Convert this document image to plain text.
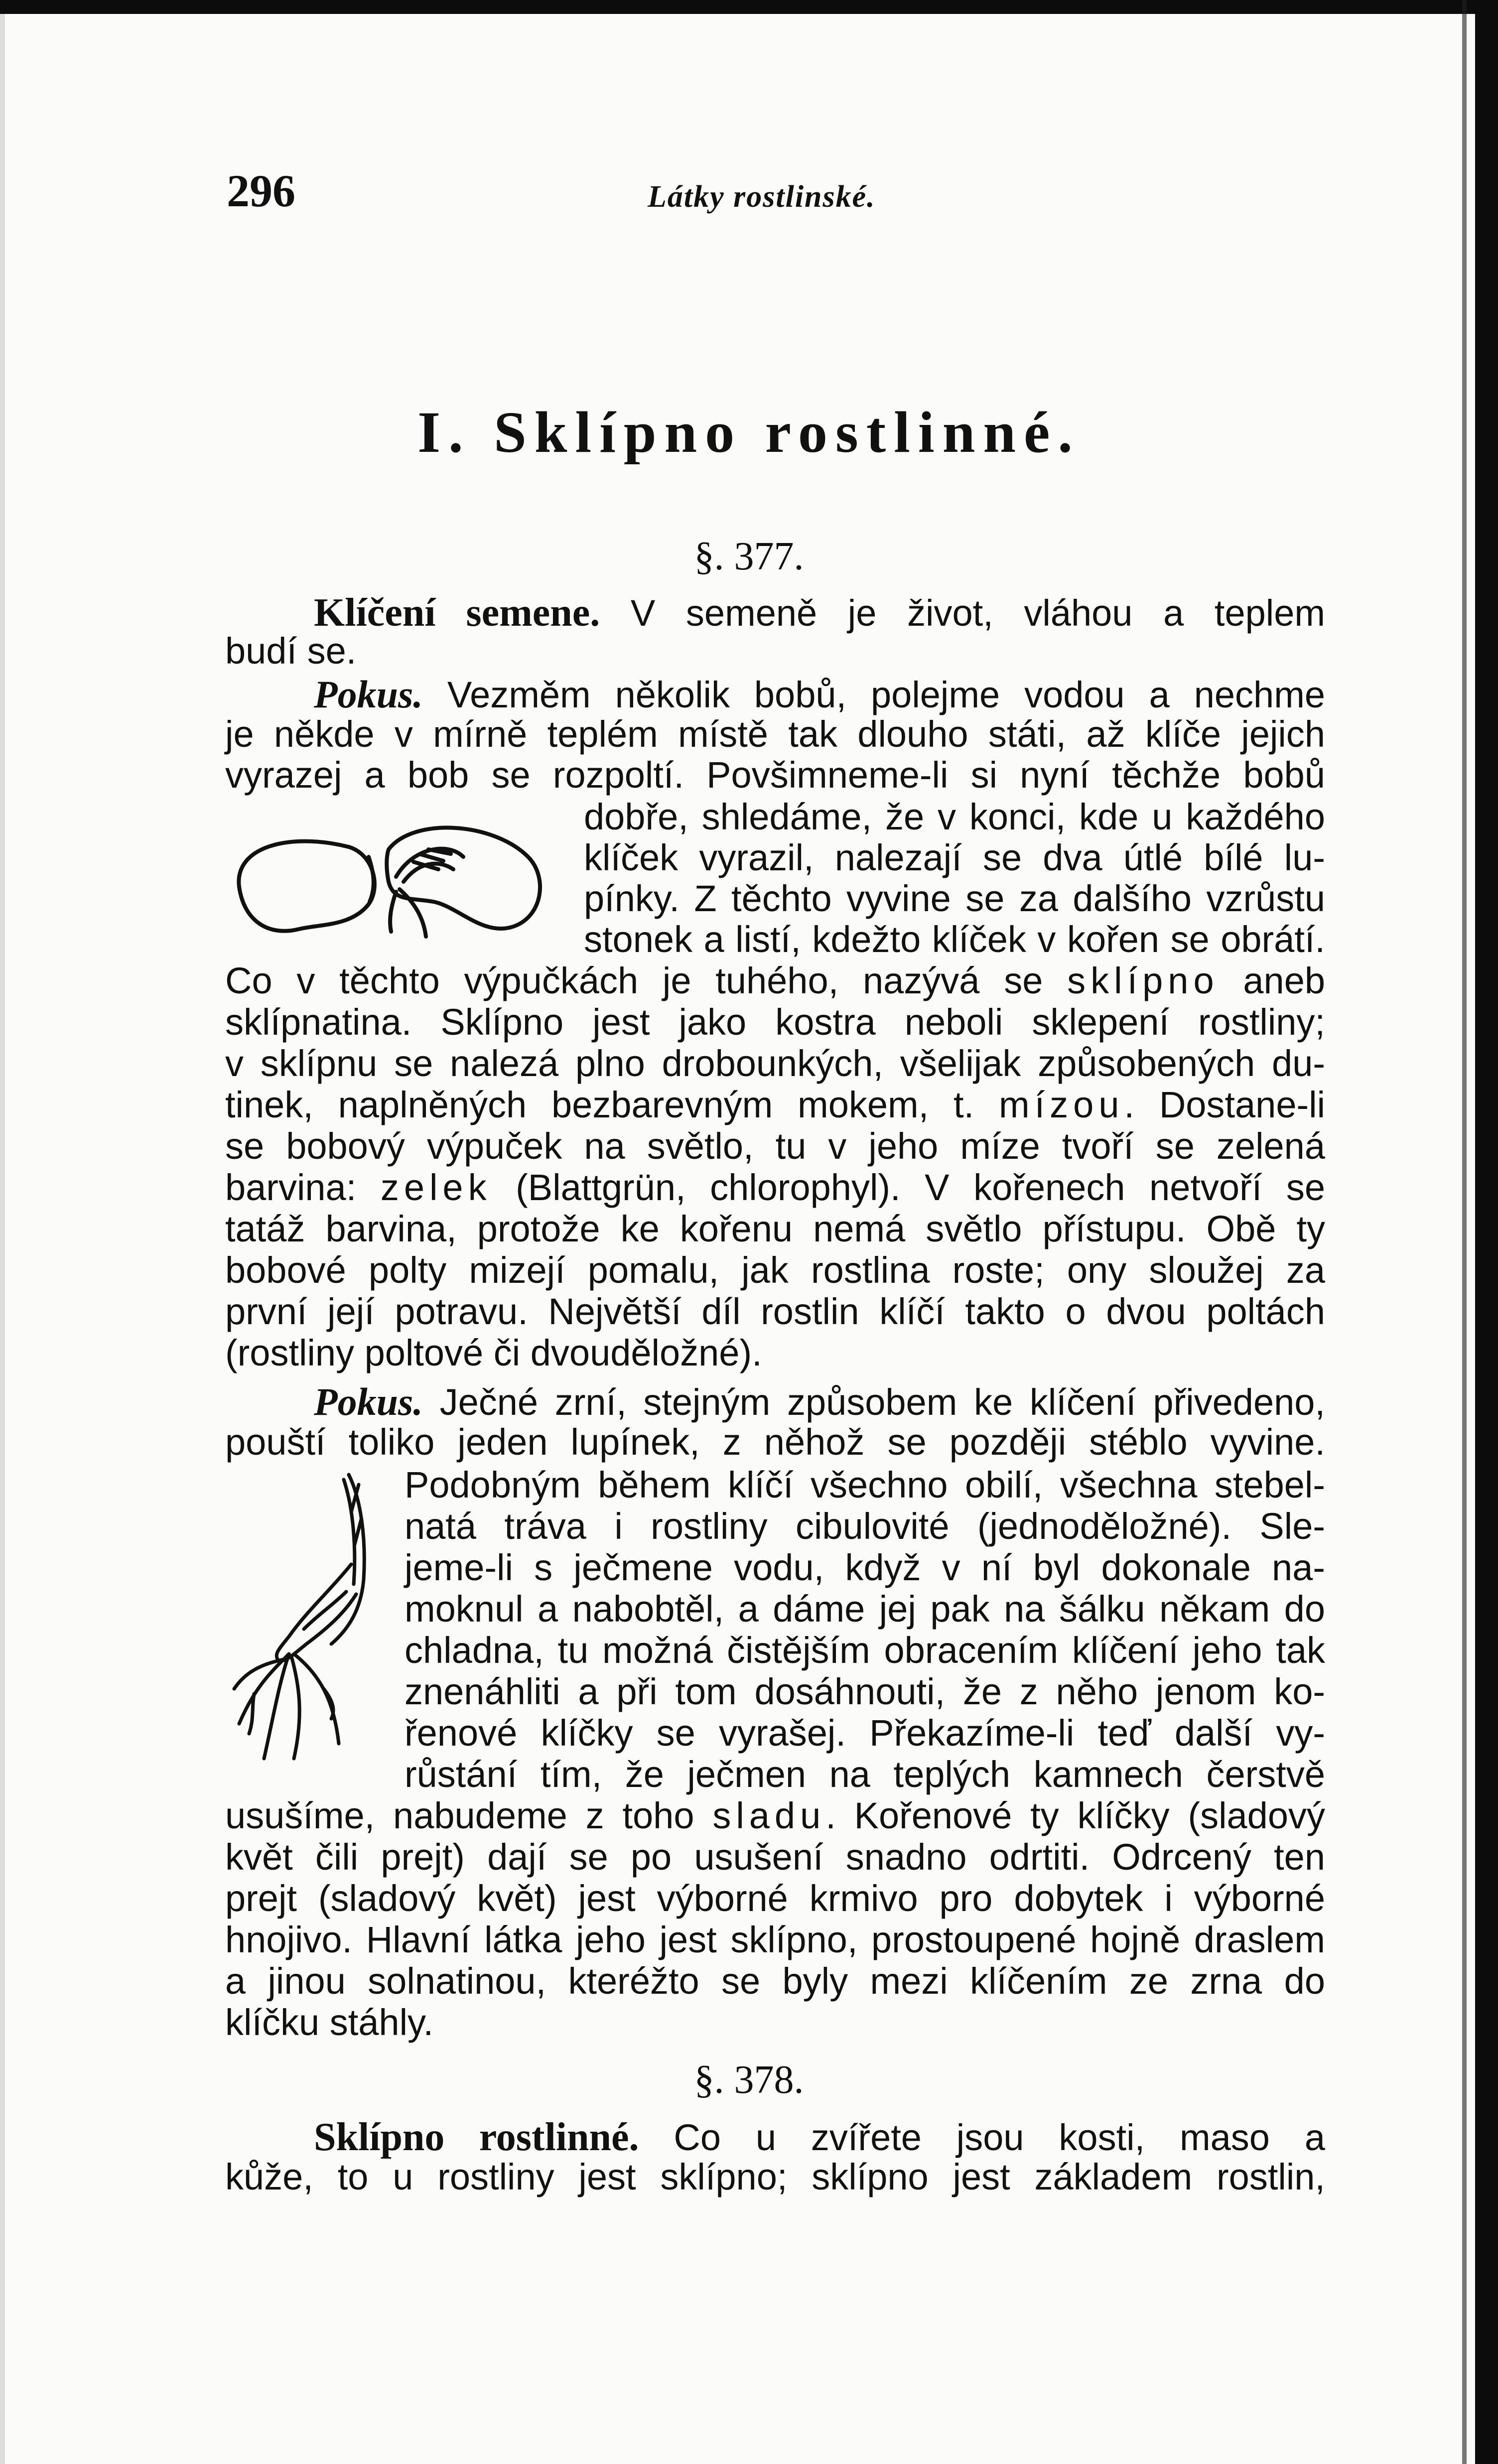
296	Látky rostlinské.
I. Sklípno rostlinné.
§. 377.
Klíčení semene. V semeně je život, vláhou a teplem
budí se.
Pokus. Vezměm několik bobů, polejme vodou a nechme
je někde v mírně teplém místě tak dlouho státi, až klíče jejich
vyrazej a bob se rozpoltí. Povšimneme-li si nyní těchže bobů
dobře, shledáme, že v konci, kde u každého
klíček vyrazil, nalezají se dva útlé bílé lu-
pínky. Z těchto vyvine se za dalšího vzrůstu
stonek a listí, kdežto klíček v kořen se obrátí.
Co v těchto výpučkách je tuhého, nazývá se sklípno aneb
sklípnatina. Sklípno jest jako kostra neboli sklepení rostliny;
v sklípnu se nalezá plno drobounkých, všelijak způsobených du-
tinek, naplněných bezbarevným mokem, t. mízou. Dostane-li
se bobový výpuček na světlo, tu v jeho míze tvoří se zelená
barvina: zelek (Blattgrün, chlorophyl). V kořenech netvoří se
tatáž barvina, protože ke kořenu nemá světlo přístupu. Obě ty
bobové polty mizejí pomalu, jak rostlina roste; ony sloužej za
první její potravu. Největší díl rostlin klíčí takto o dvou poltách
(rostliny poltové či dvouděložné).
Pokus. Ječné zrní, stejným způsobem ke klíčení přivedeno,
pouští toliko jeden lupínek, z něhož se později stéblo vyvine.
Podobným během klíčí všechno obilí, všechna stebel-
natá tráva i rostliny cibulovité (jednoděložné). Sle-
jeme-li s ječmene vodu, když v ní byl dokonale na-
moknul a nabobtěl, a dáme jej pak na šálku někam do
chladna, tu možná čistějším obracením klíčení jeho tak
znenáhliti a při tom dosáhnouti, že z něho jenom ko-
řenové klíčky se vyrašej. Překazíme-li teď další vy-
růstání tím, že ječmen na teplých kamnech čerstvě
usušíme, nabudeme z toho sladu. Kořenové ty klíčky (sladový
květ čili prejt) dají se po usušení snadno odrtiti. Odrcený ten
prejt (sladový květ) jest výborné krmivo pro dobytek i výborné
hnojivo. Hlavní látka jeho jest sklípno, prostoupené hojně draslem
a jinou solnatinou, kteréžto se byly mezi klíčením ze zrna do
klíčku stáhly.
§. 378.
Sklípno rostlinné. Co u zvířete jsou kosti, maso a
kůže, to u rostliny jest sklípno; sklípno jest základem rostlin,
